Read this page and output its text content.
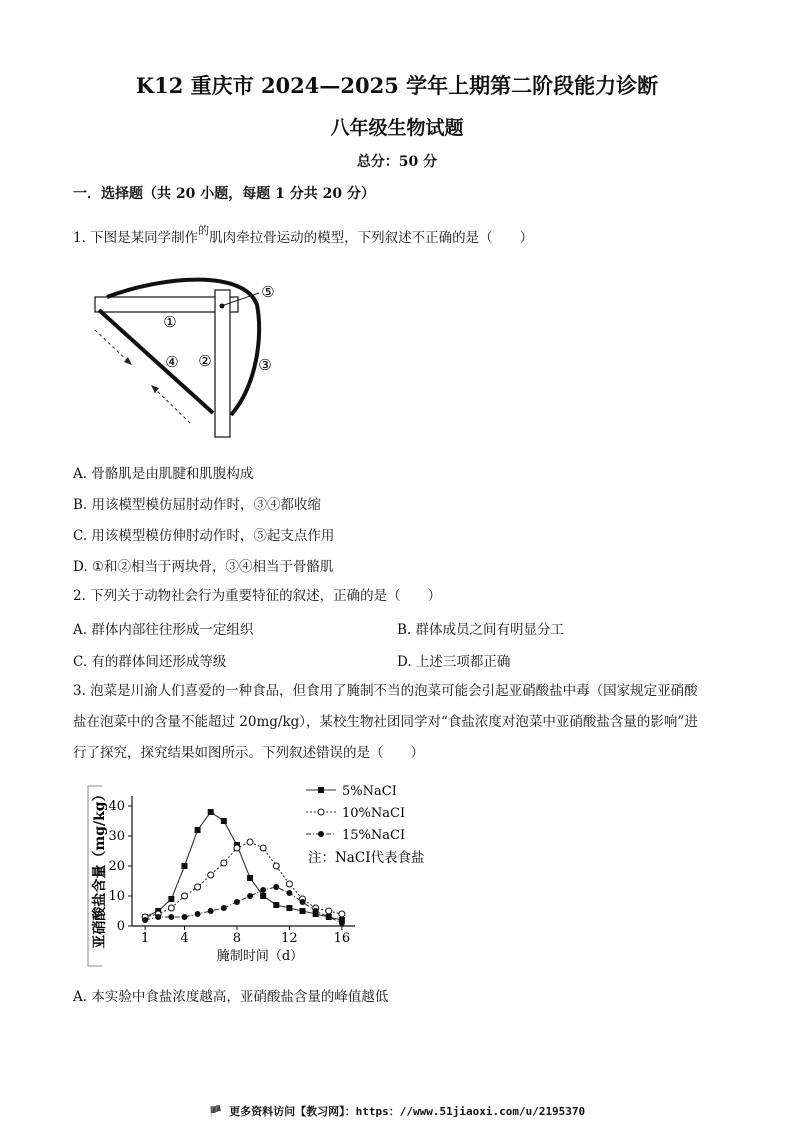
K12 重庆市 2024—2025 学年上期第二阶段能力诊断
八年级生物试题
总分：50 分
一．选择题（共 20 小题，每题 1 分共 20 分）
1. 下图是某同学制作$^的$肌肉牵拉骨运动的模型，下列叙述不正确的是（　　）
①
②	③
④
⑤
A. 骨骼肌是由肌腱和肌腹构成
B. 用该模型模仿屈肘动作时，③④都收缩
C. 用该模型模仿伸肘动作时，⑤起支点作用
D. ①和②相当于两块骨，③④相当于骨骼肌
2. 下列关于动物社会行为重要特征的叙述，正确的是（　　）
A. 群体内部往往形成一定组织	B. 群体成员之间有明显分工
C. 有的群体间还形成等级	D. 上述三项都正确
3. 泡菜是川渝人们喜爱的一种食品，但食用了腌制不当的泡菜可能会引起亚硝酸盐中毒（国家规定亚硝酸
盐在泡菜中的含量不能超过 20mg/kg），某校生物社团同学对“食盐浓度对泡菜中亚硝酸盐含量的影响”进
行了探究，探究结果如图所示。下列叙述错误的是（　　）
1 4	8	12	16
0
10
20
30
40
5%NaCI
10%NaCI
15%NaCI
亚硝酸盐含量（mg/kg）
腌制时间（d）
注：NaCI代表食盐
A. 本实验中食盐浓度越高，亚硝酸盐含量的峰值越低
🏴 更多资料访问【教习网】：https：//www.51jiaoxi.com/u/2195370
